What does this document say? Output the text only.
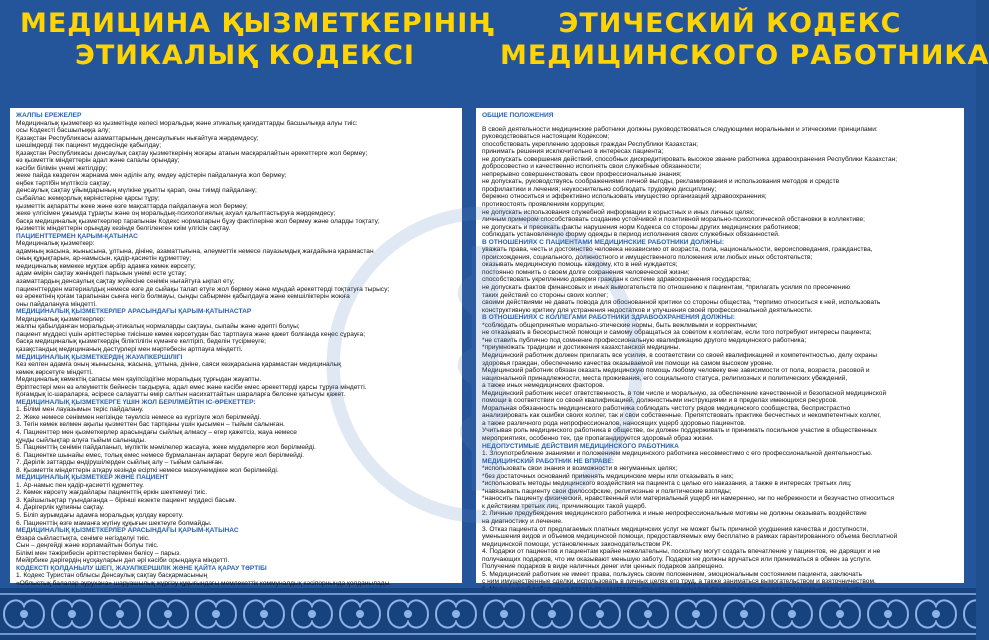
МЕДИЦИНА ҚЫЗМЕТКЕРІНІҢ
ЭТИКАЛЫҚ КОДЕКСІ
ЭТИЧЕСКИЙ КОДЕКС
МЕДИЦИНСКОГО РАБОТНИКА
ЖАЛПЫ ЕРЕЖЕЛЕР
Медициналық қызметкер өз қызметінде келесі моральдық және этикалық қағидаттарды басшылыққа алуы тиіс:
осы Кодексті басшылыққа алу;
Қазақстан Республикасы азаматтарының денсаулығын нығайтуға жәрдемдесу;
шешімдерді тек пациент мүддесінде қабылдау;
Қазақстан Республикасы денсаулық сақтау қызметкерінің жоғары атағын масқаралайтын әрекеттерге жол бермеу;
өз қызметтік міндеттерін адал және сапалы орындау;
кәсіби білімін үнемі жетілдіру;
жеке пайда көздеген жарнама мен әділін алу, емдеу әдістерін пайдалануға жол бермеу;
еңбек тәртібін мүлтіксіз сақтау;
денсаулық сақтау ұйымдарының мүлкіне ұқыпты қарап, оны тиімді пайдалану;
сыбайлас жемқорлық көріністеріне қарсы тұру;
қызметтік ақпаратты жеке және өзге мақсаттарда пайдалануға жол бермеу;
жеке үлгісімен ұжымда тұрақты және оң моральдық-психологиялық ахуал қалыптастыруға жәрдемдесу;
басқа медициналық қызметкерлер тарапынан Кодекс нормаларын бұзу фактілеріне жол бермеу және оларды тоқтату;
қызметтік міндеттерін орындау кезінде белгіленген киім үлгісін сақтау.
ПАЦИЕНТТЕРМЕН ҚАРЫМ-ҚАТЫНАС
Медициналық қызметкер:
адамның жасына, жынысына, ұлтына, дініне, азаматтығына, әлеуметтік немесе лауазымдық жағдайына қарамастан
оның құқықтарын, ар-намысын, қадір-қасиетін құрметтеу;
медициналық көмекке мұқтаж әрбір адамға көмек көрсету;
адам өмірін сақтау жөніндегі парызын үнемі есте ұстау;
азаматтардың денсаулық сақтау жүйесіне сенімін нығайтуға ықпал ету;
пациенттерден материалдық немесе өзге де сыйақы талап етуге жол бермеу және мұндай әрекеттерді тоқтатуға тырысу;
өз әрекетінің қоғам тарапынан сынға негіз болмауы, сынды сабырмен қабылдауға және кемшіліктерін жоюға
оны пайдалануға міндетті.
МЕДИЦИНАЛЫҚ ҚЫЗМЕТКЕРЛЕР АРАСЫНДАҒЫ ҚАРЫМ-ҚАТЫНАСТАР
Медициналық қызметкерлер:
жалпы қабылданған моральдық-этикалық нормаларды сақтауы, сыпайы және әдепті болуы;
пациент мүддесі үшін әріптестеріне тиісінше көмек көрсетудан бас тартпауға және қажет болғанда кеңес сұрауға;
басқа медициналық қызметкердің біліктілігін күмәнге келтіріп, беделін түсірмеуге;
қазақстандық медицинаның дәстүрлері мен мәртебесін артпауға міндетті.
МЕДИЦИНАЛЫҚ ҚЫЗМЕТКЕРДІҢ ЖАУАПКЕРШІЛІГІ
Кез келген адамға оның жынысына, жасына, ұлтына, дініне, саяси көзқарасына қарамастан медициналық
көмек көрсетуге міндетті.
Медициналық көмектің сапасы мен қауіпсіздігіне моральдық тұрғыдан жауапты.
Әріптестері мен өз әлеуметтік бейнесін тағдыруға, адал емес және кәсіби емес әрекеттерді қарсы тұруға міндетті.
Қоғамдық іс-шараларға, әсіресе салауатты өмір салтын насихаттайтын шараларға белсене қатысуы қажет.
МЕДИЦИНАЛЫҚ ҚЫЗМЕТКЕРГЕ ҮШІН ЖОЛ БЕРІЛМЕЙТІН ІС-ӘРЕКЕТТЕР:
1. Білімі мен лауазымын теріс пайдалану.
2. Жеке немесе сеніммен негізінде тәуелсіз немесе өз күргізуге жол берілмейді.
3. Тегін көмек келмен ақылы қызметтен бас тартқаны үшін қысымен – тыйым салынған.
4. Пациенттер мен қызметкерлер арасындағы сыйлық алмасу – егер қажетсіз, жауа немесе
құнды сыйлықтар алуға тыйым салынады.
5. Пациенттің сенімін пайдаланып, мүліктік мәмілелер жасауға, жеке мүдделерге жол берілмейді.
6. Пациентке шынайы емес, толық емес немесе бұрмаланған ақпарат беруге жол берілмейді.
7. Дәрілік заттарды өндірушілерден сыйлық алу – тыйым салынған.
8. Қызметтік міндеттерін атқару кезінде есірткі немесе маскүнемдікке жол берілмейді.
МЕДИЦИНАЛЫҚ ҚЫЗМЕТКЕР ЖӘНЕ ПАЦИЕНТ
1. Ар-намыс пен қадір-қасиетті құрметтеу.
2. Көмек көрсету жағдайлары пациенттің еркін шектемеуі тиіс.
3. Қайшылықтар туындағанда – бірінші кезекте пациент мүддесі басым.
4. Дәрігерлік құпияны сақтау.
5. Біліп аурымдағы адамға моральдық қолдау көрсету.
6. Пациенттің өзге маманға жүгіну құқығын шектеуге болмайды.
МЕДИЦИНАЛЫҚ ҚЫЗМЕТКЕРЛЕР АРАСЫНДАҒЫ ҚАРЫМ-ҚАТЫНАС
Өзара сыйластықта, сенімге негізделуі тиіс.
Сын – деңгейді және корламайтын болуы тиіс.
Білімі мен тәжірибесін әріптестерімен бөлісу – парыз.
Мейірбике дәрігердің нұсқауларын дәл әрі кәсіби орындауға міндетті.
КОДЕКСТІ ҚОЛДАНЫЛУ ШЕГІ, ЖАУАПКЕРШІЛІК ЖӘНЕ ҚАЙТА ҚАРАУ ТӘРТІБІ
1. Кодекс Туристан облысы Денсаулық сақтау басқармасының
«Облыстық балалар аурухана» шаруашылық жүргізу құқығындағы мемлекеттік коммуналдық кәсіпорнында қолданылады.
ОБЩИЕ ПОЛОЖЕНИЯ
В своей деятельности медицинские работники должны руководствоваться следующими моральными и этическими принципами:
руководствоваться настоящим Кодексом;
способствовать укреплению здоровья граждан Республики Казахстан;
принимать решения исключительно в интересах пациента;
не допускать совершения действий, способных дискредитировать высокое звание работника здравоохранения Республики Казахстан;
добросовестно и качественно исполнять свои служебные обязанности;
непрерывно совершенствовать свои профессиональные знания;
не допускать, руководствуясь соображениями личной выгоды, рекламирования и использования методов и средств
профилактики и лечения; неукоснительно соблюдать трудовую дисциплину;
бережно относиться и эффективно использовать имущество организаций здравоохранения;
противостоять проявлениям коррупции;
не допускать использования служебной информации в корыстных и иных личных целях;
личным примером способствовать созданию устойчивой и позитивной морально-психологической обстановки в коллективе;
не допускать и пресекать факты нарушения норм Кодекса со стороны других медицинских работников;
соблюдать установленную форму одежды в период исполнения своих служебных обязанностей.
В ОТНОШЕНИЯХ С ПАЦИЕНТАМИ МЕДИЦИНСКИЕ РАБОТНИКИ ДОЛЖНЫ:
уважать права, честь и достоинство человека независимо от возраста, пола, национальности, вероисповедания, гражданства,
происхождения, социального, должностного и имущественного положения или любых иных обстоятельств;
оказывать медицинскую помощь каждому, кто в ней нуждается;
постоянно помнить о своем долге сохранения человеческой жизни;
способствовать укреплению доверия граждан к системе здравоохранения государства;
не допускать фактов финансовых и иных вымогательств по отношению к пациентам, *прилагать усилия по пресечению
таких действий со стороны своих коллег;
своими действиями не давать повода для обоснованной критики со стороны общества, *терпимо относиться к ней, использовать
конструктивную критику для устранения недостатков и улучшения своей профессиональной деятельности.
В ОТНОШЕНИЯХ С КОЛЛЕГАМИ РАБОТНИКИ ЗДРАВООХРАНЕНИЯ ДОЛЖНЫ:
*соблюдать общепринятые морально-этические нормы, быть вежливыми и корректными;
не отказывать в бескорыстной помощи и самому обращаться за советом к коллегам, если того потребуют интересы пациента;
*не ставить публично под сомнение профессиональную квалификацию другого медицинского работника;
*приумножать традиции и достижения казахстанской медицины.
Медицинский работник должен прилагать все усилия, в соответствии со своей квалификацией и компетентностью, делу охраны
здоровья граждан, обеспечению качества оказываемой им помощи на самом высоком уровне.
Медицинский работник обязан оказать медицинскую помощь любому человеку вне зависимости от пола, возраста, расовой и
национальной принадлежности, места проживания, его социального статуса, религиозных и политических убеждений,
а также иных немедицинских факторов.
Медицинский работник несет ответственность, в том числе и моральную, за обеспечение качественной и безопасной медицинской
помощи в соответствии со своей квалификацией, должностными инструкциями и в пределах имеющихся ресурсов.
Моральная обязанность медицинского работника соблюдать чистоту рядов медицинского сообщества, беспристрастно
анализировать как ошибки своих коллег, так и свои собственные. Препятствовать практике бесчестных и некомпетентных коллег,
а также различного рода непрофессионалов, наносящих ущерб здоровью пациентов.
Учитывая роль медицинского работника в обществе, он должен поддерживать и принимать посильное участие в общественных
мероприятиях, особенно тех, где пропагандируется здоровый образ жизни.
НЕДОПУСТИМЫЕ ДЕЙСТВИЯ МЕДИЦИНСКОГО РАБОТНИКА
1. Злоупотребление знаниями и положением медицинского работника несовместимо с его профессиональной деятельностью.
МЕДИЦИНСКИЙ РАБОТНИК НЕ ВПРАВЕ:
*использовать свои знания и возможности в негуманных целях;
*без достаточных оснований применять медицинские меры или отказывать в них;
*использовать методы медицинского воздействия на пациента с целью его наказания, а также в интересах третьих лиц;
*навязывать пациенту свои философские, религиозные и политические взгляды;
*наносить пациенту физический, нравственный или материальный ущерб ни намеренно, ни по небрежности и безучастно относиться
к действиям третьих лиц, причиняющих такой ущерб.
2. Личные предубеждения медицинского работника и иные непрофессиональные мотивы не должны оказывать воздействие
на диагностику и лечение.
3. Отказ пациента от предлагаемых платных медицинских услуг не может быть причиной ухудшения качества и доступности,
уменьшения видов и объемов медицинской помощи, предоставляемых ему бесплатно в рамках гарантированного объема бесплатной
медицинской помощи, установленных законодательством РК.
4. Подарки от пациентов и пациентам крайне нежелательны, поскольку могут создать впечатление у пациентов, не дарящих и не
получающих подарков, что им оказывают меньшую заботу. Подарки не должны вручаться или приниматься в обмен за услуги.
Получение подарков в виде наличных денег или ценных подарков запрещено.
5. Медицинский работник не имеет права, пользуясь своим положением, эмоциональным состоянием пациента, заключать
с ним имущественные сделки, использовать в личных целях его труд, а также заниматься вымогательством и взяточничеством.
